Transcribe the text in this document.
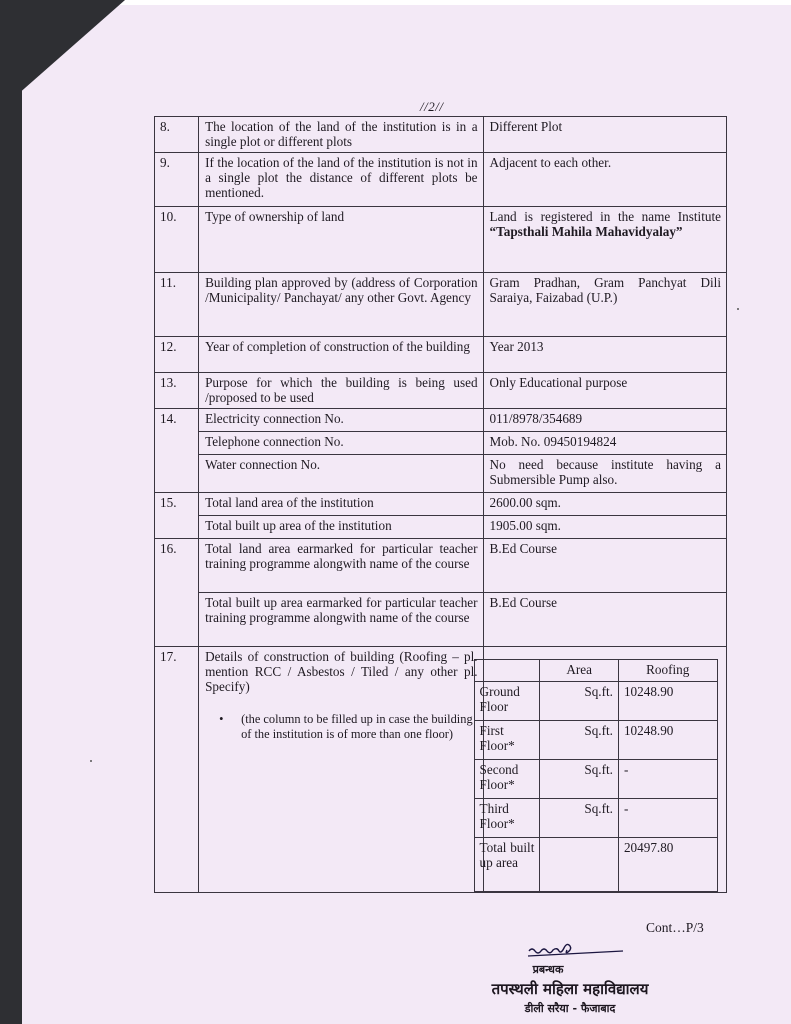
//2//
8.	The location of the land of the institution is in a single plot or different plots	Different Plot
9.	If the location of the land of the institution is not in a single plot the distance of different plots be mentioned.	Adjacent to each other.
10.	Type of ownership of land	Land is registered in the name Institute “Tapsthali Mahila Mahavidyalay”
11.	Building plan approved by (address of Corporation /Municipality/ Panchayat/ any other Govt. Agency	Gram Pradhan, Gram Panchyat Dili Saraiya, Faizabad (U.P.)
12.	Year of completion of construction of the building	Year 2013
13.	Purpose for which the building is being used /proposed to be used	Only Educational purpose
14.	Electricity connection No.	011/8978/354689
Telephone connection No.	Mob. No. 09450194824
Water connection No.	No need because institute having a Submersible Pump also.
15.	Total land area of the institution	2600.00 sqm.
Total built up area of the institution	1905.00 sqm.
16.	Total land area earmarked for particular teacher training programme alongwith name of the course	B.Ed Course
Total built up area earmarked for particular teacher training programme alongwith name of the course	B.Ed Course
17.	Details of construction of building (Roofing – pl. mention RCC / Asbestos / Tiled / any other pl. Specify)
•	(the column to be filled up in case the building of the institution is of more than one floor)

	Area	Roofing
Ground Floor	Sq.ft.	10248.90
First Floor*	Sq.ft.	10248.90
Second Floor*	Sq.ft.	-
Third Floor*	Sq.ft.	-
Total built up area		20497.80
Cont…P/3
प्रबन्धक
तपस्थली महिला महाविद्यालय
डीली सरैया - फैजाबाद
